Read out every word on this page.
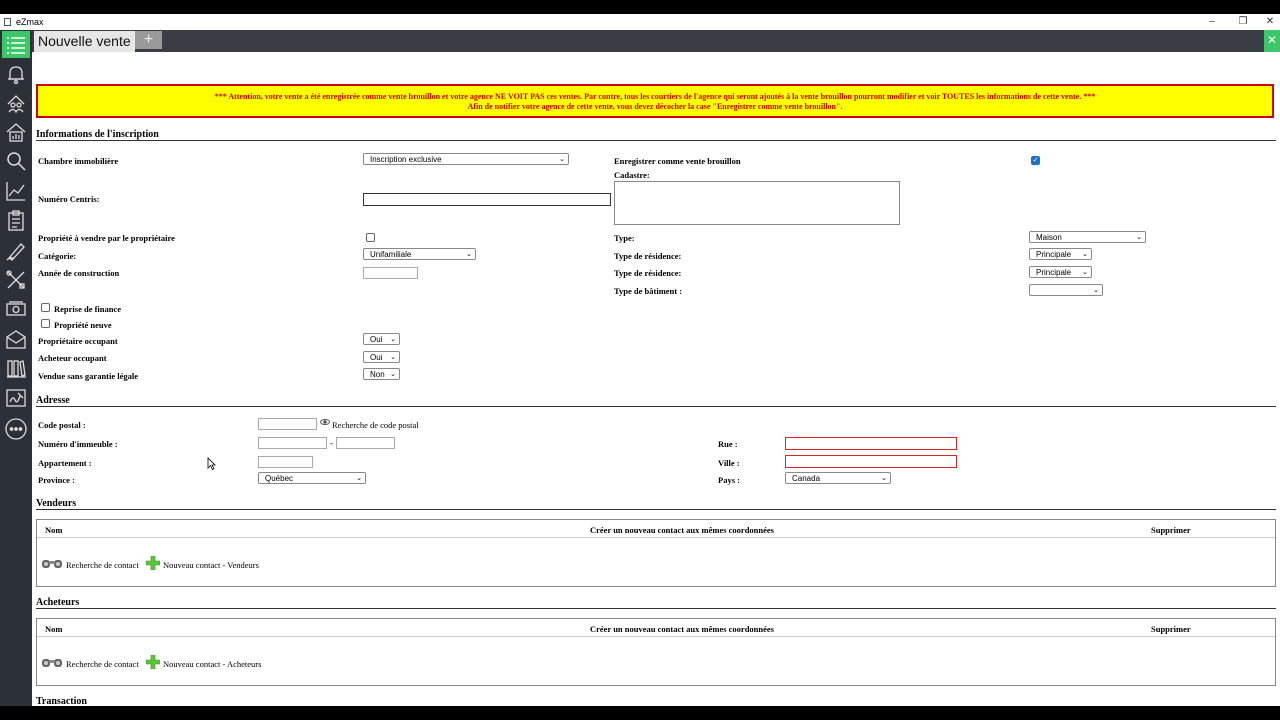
eZmax	–	❐	✕
Nouvelle vente +	✕
*** Attention, votre vente a été enregistrée comme vente brouillon et votre agence NE VOIT PAS ces ventes. Par contre, tous les courtiers de l'agence qui seront ajoutés à la vente brouillon pourront modifier et voir TOUTES les informations de cette vente. ***
Afin de notifier votre agence de cette vente, vous devez décocher la case "Enregistrer comme vente brouillon".
Informations de l'inscription
Chambre immobilière	Inscription exclusive	⌄	Enregistrer comme vente brouillon	✓
Cadastre:
Numéro Centris:
Propriété à vendre par le propriétaire	Type:	Maison	⌄
Catégorie:	Unifamiliale	⌄	Type de résidence:	Principale ⌄
Année de construction	Type de résidence:	Principale ⌄
Type de bâtiment :	⌄
Reprise de finance
Propriété neuve
Propriétaire occupant	Oui ⌄
Acheteur occupant	Oui ⌄
Vendue sans garantie légale	Non ⌄
Adresse
Code postal :	Recherche de code postal
Numéro d'immeuble :	-	Rue :
Appartement :	Ville :
Province :	Québec	⌄	Pays :	Canada	⌄
Vendeurs
Nom	Créer un nouveau contact aux mêmes coordonnées	Supprimer
Recherche de contact	Nouveau contact - Vendeurs
Acheteurs
Nom	Créer un nouveau contact aux mêmes coordonnées	Supprimer
Recherche de contact	Nouveau contact - Acheteurs
Transaction
